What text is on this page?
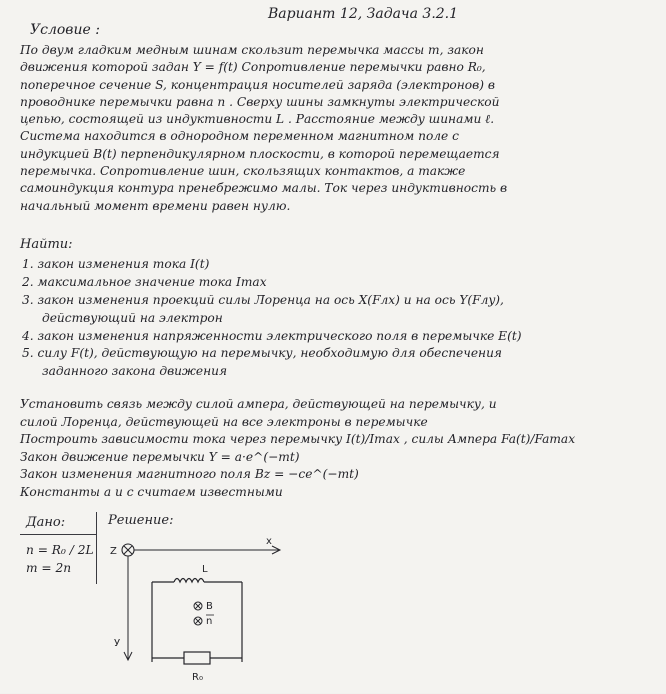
Вариант 12, Задача 3.2.1
Условие :
По двум гладким медным шинам скользит перемычка массы m, закон
движения которой задан Y = f(t) Сопротивление перемычки равно R₀,
поперечное сечение S, концентрация носителей заряда (электронов) в
проводнике перемычки равна n . Сверху шины замкнуты электрической
цепью, состоящей из индуктивности L . Расстояние между шинами ℓ.
Система находится в однородном переменном магнитном поле с
индукцией B(t) перпендикулярном плоскости, в которой перемещается
перемычка. Сопротивление шин, скользящих контактов, а также
самоиндукция контура пренебрежимо малы. Ток через индуктивность в
начальный момент времени равен нулю.
Найти:
1. закон изменения тока I(t)
2. максимальное значение тока Imax
3. закон изменения проекций силы Лоренца на ось X(Fлx) и на ось Y(Fлy),
действующий на электрон
4. закон изменения напряженности электрического поля в перемычке E(t)
5. силу F(t), действующую на перемычку, необходимую для обеспечения
заданного закона движения
Установить связь между силой ампера, действующей на перемычку, и
силой Лоренца, действующей на все электроны в перемычке
Построить зависимости тока через перемычку I(t)/Imax , силы Ампера Fa(t)/Famax
Закон движение перемычки Y = a·e^(−mt)
Закон изменения магнитного поля Bz = −ce^(−mt)
Константы a и c считаем известными
Дано:
n = R₀ / 2L
m = 2n
Решение:
Z
x
У
L
B
n
R₀
